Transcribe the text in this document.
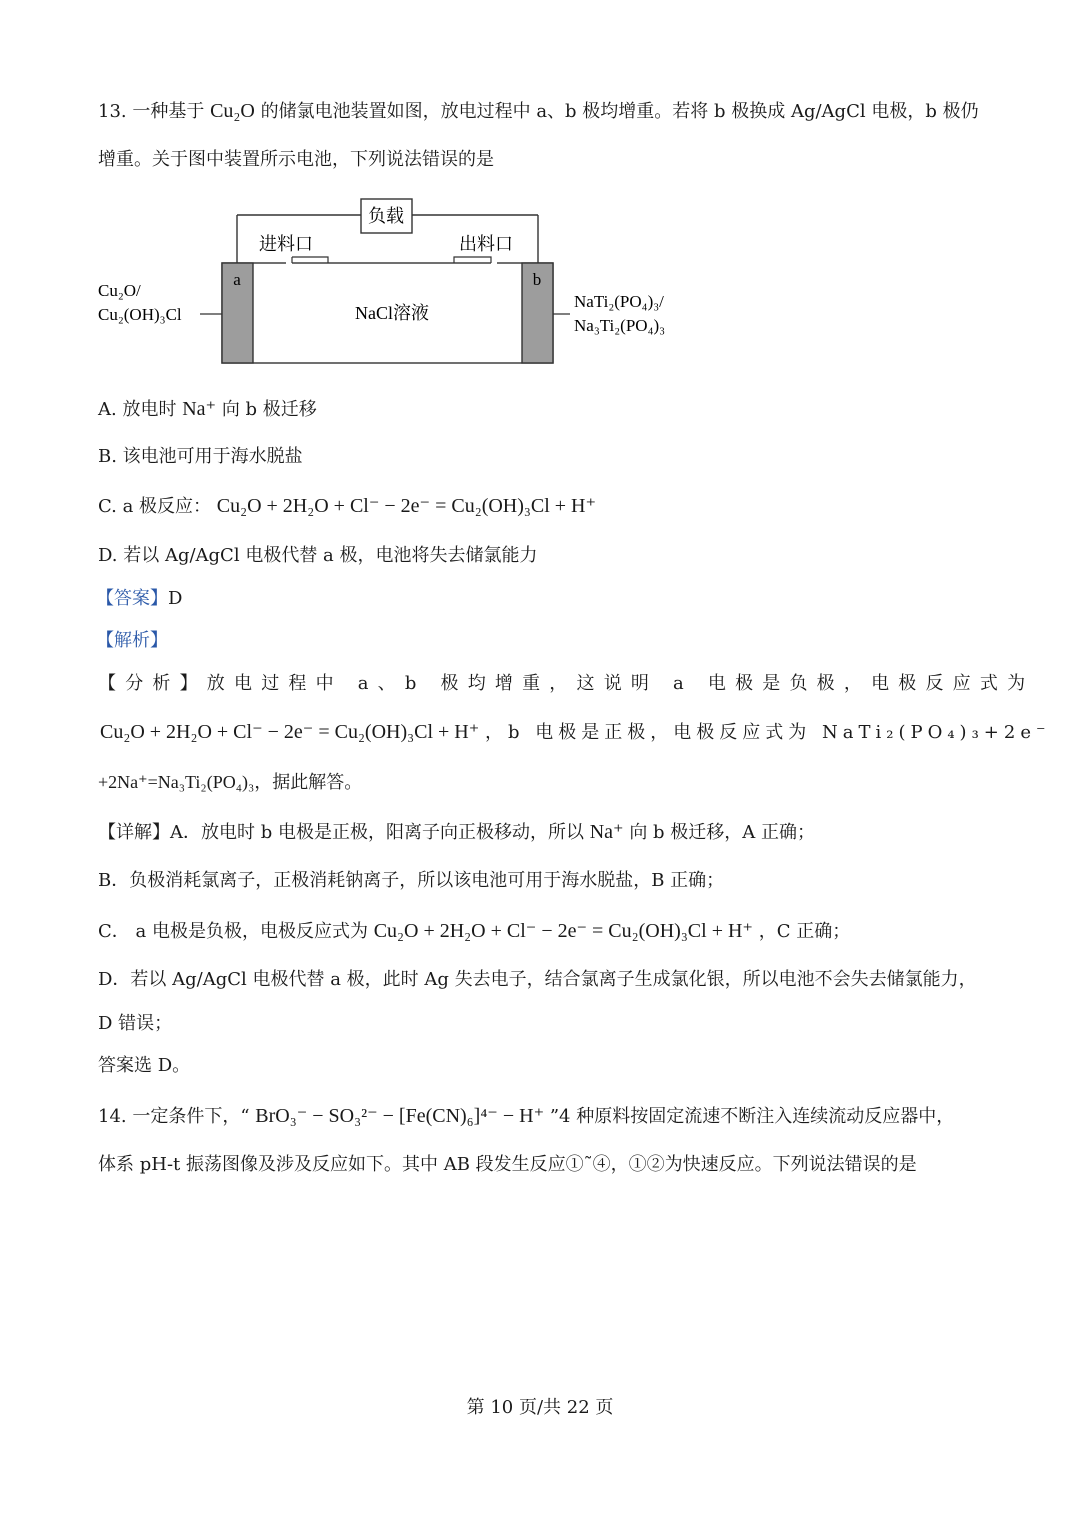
13. 一种基于 Cu₂O 的储氯电池装置如图，放电过程中 a、b 极均增重。若将 b 极换成 Ag/AgCl 电极，b 极仍
增重。关于图中装置所示电池，下列说法错误的是
负载
进料口	出料口
a	b
NaCl溶液
Cu₂O/
Cu₂(OH)₃Cl
NaTi₂(PO₄)₃/
Na₃Ti₂(PO₄)₃
A. 放电时 Na⁺ 向 b 极迁移
B. 该电池可用于海水脱盐
C. a 极反应： Cu₂O + 2H₂O + Cl⁻ − 2e⁻ = Cu₂(OH)₃Cl + H⁺
D. 若以 Ag/AgCl 电极代替 a 极，电池将失去储氯能力
【答案】D
【解析】
【分析】放电过程中 a、b 极均增重，这说明 a 电极是负极，电极反应式为
Cu₂O + 2H₂O + Cl⁻ − 2e⁻ = Cu₂(OH)₃Cl + H⁺ ，b 电极是正极，电极反应式为 NaTi₂(PO₄)₃+2e⁻
+2Na⁺=Na₃Ti₂(PO₄)₃，据此解答。
【详解】A．放电时 b 电极是正极，阳离子向正极移动，所以 Na⁺ 向 b 极迁移，A 正确；
B．负极消耗氯离子，正极消耗钠离子，所以该电池可用于海水脱盐，B 正确；
C． a 电极是负极，电极反应式为 Cu₂O + 2H₂O + Cl⁻ − 2e⁻ = Cu₂(OH)₃Cl + H⁺ ，C 正确；
D．若以 Ag/AgCl 电极代替 a 极，此时 Ag 失去电子，结合氯离子生成氯化银，所以电池不会失去储氯能力，
D 错误；
答案选 D。
14. 一定条件下，“ BrO₃⁻ − SO₃²⁻ − [Fe(CN)₆]⁴⁻ − H⁺ ”4 种原料按固定流速不断注入连续流动反应器中，
体系 pH-t 振荡图像及涉及反应如下。其中 AB 段发生反应①˜④，①②为快速反应。下列说法错误的是
第 10 页/共 22 页
